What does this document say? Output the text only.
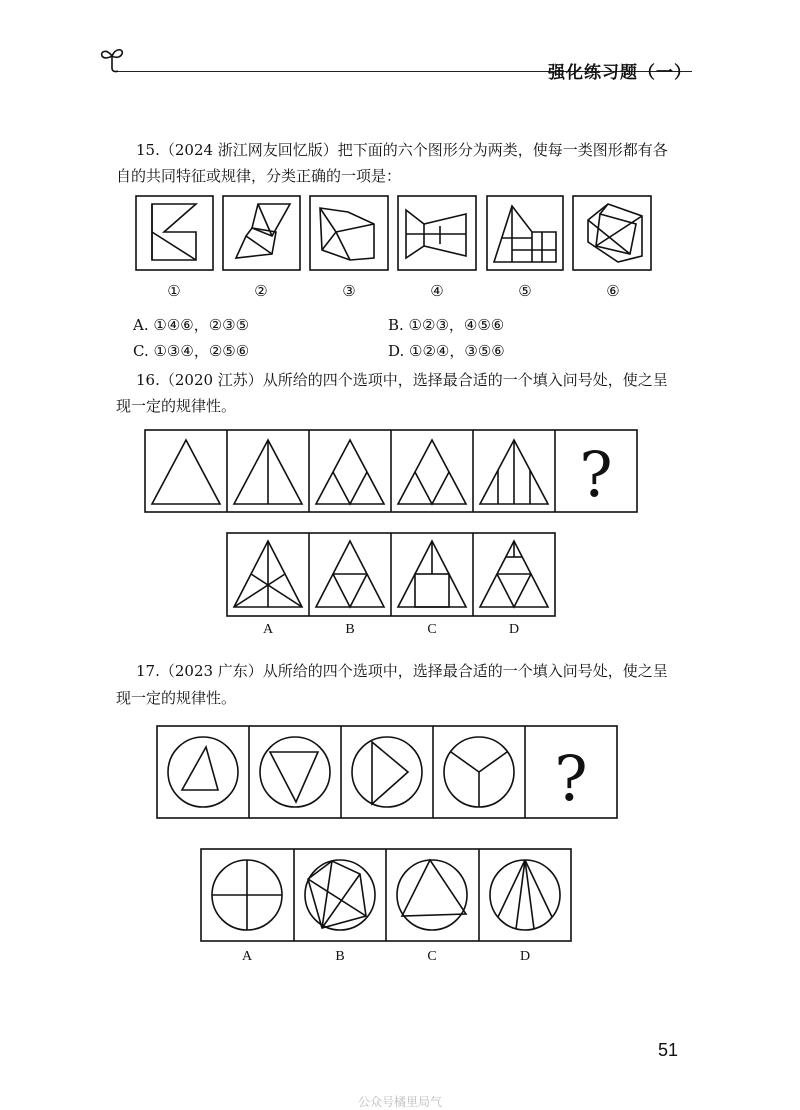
强化练习题（一）
15.（2024 浙江网友回忆版）把下面的六个图形分为两类，使每一类图形都有各
自的共同特征或规律，分类正确的一项是：
①	②	③	④	⑤	⑥
A. ①④⑥，②③⑤	B. ①②③，④⑤⑥
C. ①③④，②⑤⑥	D. ①②④，③⑤⑥
16.（2020 江苏）从所给的四个选项中，选择最合适的一个填入问号处，使之呈
现一定的规律性。
?
A	B	C	D
17.（2023 广东）从所给的四个选项中，选择最合适的一个填入问号处，使之呈
现一定的规律性。
?
A	B	C	D
51
公众号橘里局气
